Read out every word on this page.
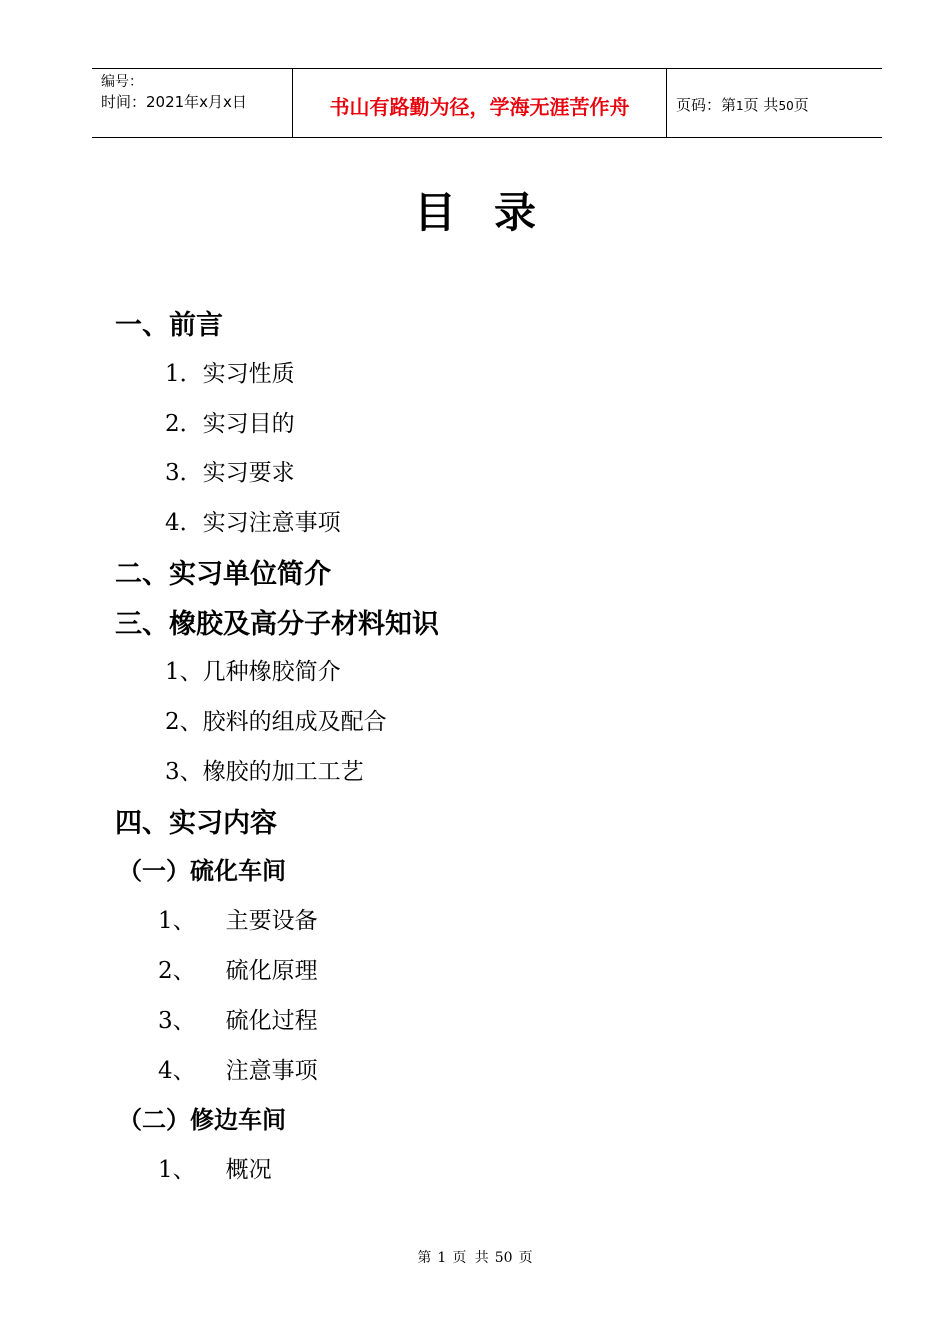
编号：
时间：2021年x月x日	书山有路勤为径，学海无涯苦作舟	页码：第1页 共50页
目录
一、前言
1．实习性质
2．实习目的
3．实习要求
4．实习注意事项
二、实习单位简介
三、橡胶及高分子材料知识
1、几种橡胶简介
2、胶料的组成及配合
3、橡胶的加工工艺
四、实习内容
（一）硫化车间
1、 主要设备
2、 硫化原理
3、 硫化过程
4、 注意事项
（二）修边车间
1、 概况
第 1 页 共 50 页
